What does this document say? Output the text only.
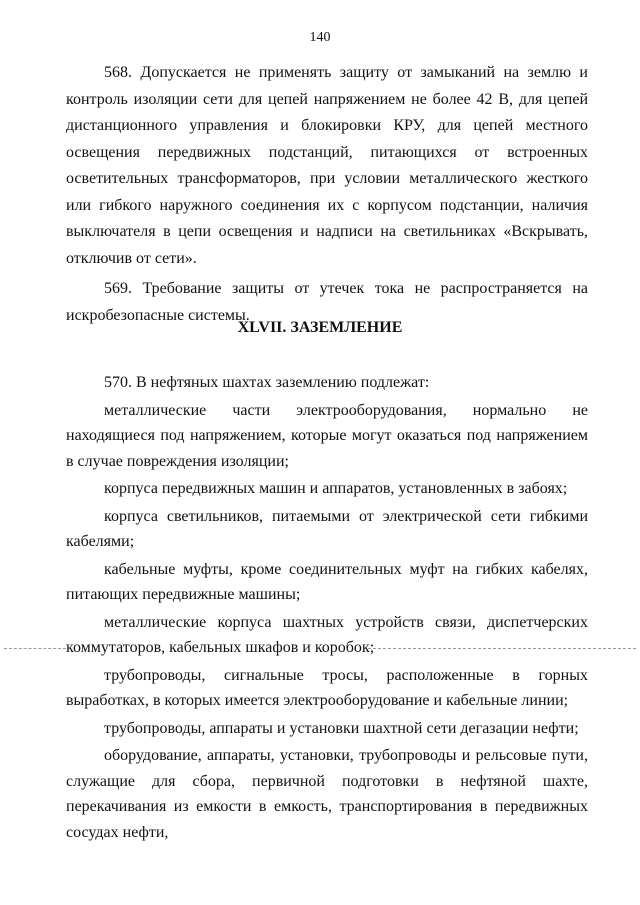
140

568. Допускается не применять защиту от замыканий на землю и контроль изоляции сети для цепей напряжением не более 42 В, для цепей дистанционного управления и блокировки КРУ, для цепей местного освещения передвижных подстанций, питающихся от встроенных осветительных трансформаторов, при условии металлического жесткого или гибкого наружного соединения их с корпусом подстанции, наличия выключателя в цепи освещения и надписи на светильниках «Вскрывать, отключив от сети».

569. Требование защиты от утечек тока не распространяется на искробезопасные системы.

XLVII. ЗАЗЕМЛЕНИЕ

570. В нефтяных шахтах заземлению подлежат:

металлические части электрооборудования, нормально не находящиеся под напряжением, которые могут оказаться под напряжением в случае повреждения изоляции;

корпуса передвижных машин и аппаратов, установленных в забоях;

корпуса светильников, питаемыми от электрической сети гибкими кабелями;

кабельные муфты, кроме соединительных муфт на гибких кабелях, питающих передвижные машины;

металлические корпуса шахтных устройств связи, диспетчерских коммутаторов, кабельных шкафов и коробок;

трубопроводы, сигнальные тросы, расположенные в горных выработках, в которых имеется электрооборудование и кабельные линии;

трубопроводы, аппараты и установки шахтной сети дегазации нефти;

оборудование, аппараты, установки, трубопроводы и рельсовые пути, служащие для сбора, первичной подготовки в нефтяной шахте, перекачивания из емкости в емкость, транспортирования в передвижных сосудах нефти,
